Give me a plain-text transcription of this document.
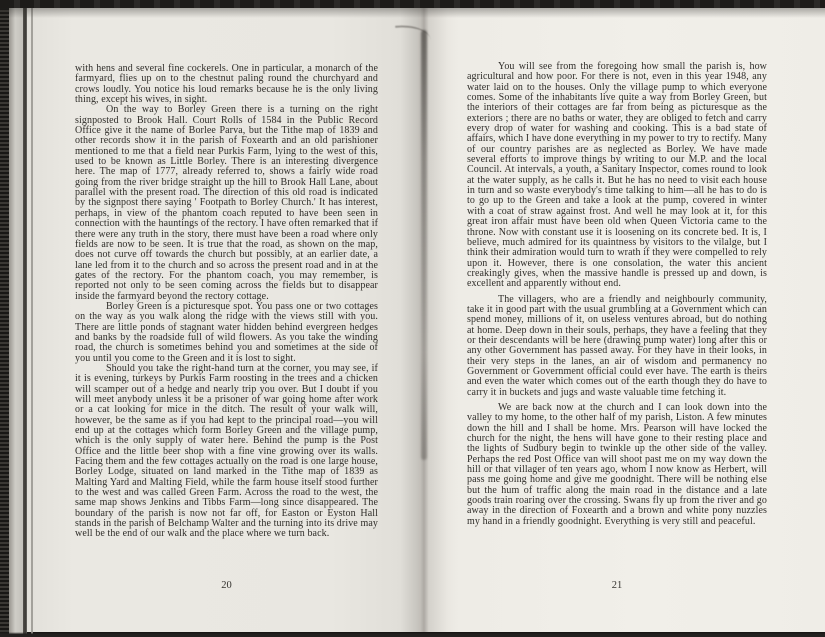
with hens and several fine cockerels. One in particular, a monarch of the farmyard, flies up on to the chestnut paling round the churchyard and crows loudly. You notice his loud remarks because he is the only living thing, except his wives, in sight.

On the way to Borley Green there is a turning on the right signposted to Brook Hall. Court Rolls of 1584 in the Public Record Office give it the name of Borlee Parva, but the Tithe map of 1839 and other records show it in the parish of Foxearth and an old parishioner mentioned to me that a field near Purkis Farm, lying to the west of this, used to be known as Little Borley. There is an interesting divergence here. The map of 1777, already referred to, shows a fairly wide road going from the river bridge straight up the hill to Brook Hall Lane, about parallel with the present road. The direction of this old road is indicated by the signpost there saying ' Footpath to Borley Church.' It has interest, perhaps, in view of the phantom coach reputed to have been seen in connection with the hauntings of the rectory. I have often remarked that if there were any truth in the story, there must have been a road where only fields are now to be seen. It is true that the road, as shown on the map, does not curve off towards the church but possibly, at an earlier date, a lane led from it to the church and so across the present road and in at the gates of the rectory. For the phantom coach, you may remember, is reported not only to be seen coming across the fields but to disappear inside the farmyard beyond the rectory cottage.

Borley Green is a picturesque spot. You pass one or two cottages on the way as you walk along the ridge with the views still with you. There are little ponds of stagnant water hidden behind evergreen hedges and banks by the roadside full of wild flowers. As you take the winding road, the church is sometimes behind you and sometimes at the side of you until you come to the Green and it is lost to sight.

Should you take the right-hand turn at the corner, you may see, if it is evening, turkeys by Purkis Farm roosting in the trees and a chicken will scamper out of a hedge and nearly trip you over. But I doubt if you will meet anybody unless it be a prisoner of war going home after work or a cat looking for mice in the ditch. The result of your walk will, however, be the same as if you had kept to the principal road—you will end up at the cottages which form Borley Green and the village pump, which is the only supply of water here. Behind the pump is the Post Office and the little beer shop with a fine vine growing over its walls. Facing them and the few cottages actually on the road is one large house, Borley Lodge, situated on land marked in the Tithe map of 1839 as Malting Yard and Malting Field, while the farm house itself stood further to the west and was called Green Farm. Across the road to the west, the same map shows Jenkins and Tibbs Farm—long since disappeared. The boundary of the parish is now not far off, for Easton or Eyston Hall stands in the parish of Belchamp Walter and the turning into its drive may well be the end of our walk and the place where we turn back.

20

You will see from the foregoing how small the parish is, how agricultural and how poor. For there is not, even in this year 1948, any water laid on to the houses. Only the village pump to which everyone comes. Some of the inhabitants live quite a way from Borley Green, but the interiors of their cottages are far from being as picturesque as the exteriors ; there are no baths or water, they are obliged to fetch and carry every drop of water for washing and cooking. This is a bad state of affairs, which I have done everything in my power to try to rectify. Many of our country parishes are as neglected as Borley. We have made several efforts to improve things by writing to our M.P. and the local Council. At intervals, a youth, a Sanitary Inspector, comes round to look at the water supply, as he calls it. But he has no need to visit each house in turn and so waste everybody's time talking to him—all he has to do is to go up to the Green and take a look at the pump, covered in winter with a coat of straw against frost. And well he may look at it, for this great iron affair must have been old when Queen Victoria came to the throne. Now with constant use it is loosening on its concrete bed. It is, I believe, much admired for its quaintness by visitors to the vilalge, but I think their admiration would turn to wrath if they were compelled to rely upon it. However, there is one consolation, the water this ancient creakingly gives, when the massive handle is pressed up and down, is excellent and apparently without end.

The villagers, who are a friendly and neighbourly community, take it in good part with the usual grumbling at a Government which can spend money, millions of it, on useless ventures abroad, but do nothing at home. Deep down in their souls, perhaps, they have a feeling that they or their descendants will be here (drawing pump water) long after this or any other Government has passed away. For they have in their looks, in their very steps in the lanes, an air of wisdom and permanency no Government or Government official could ever have. The earth is theirs and even the water which comes out of the earth though they do have to carry it in buckets and jugs and waste valuable time fetching it.

We are back now at the church and I can look down into the valley to my home, to the other half of my parish, Liston. A few minutes down the hill and I shall be home. Mrs. Pearson will have locked the church for the night, the hens will have gone to their resting place and the lights of Sudbury begin to twinkle up the other side of the valley. Perhaps the red Post Office van will shoot past me on my way down the hill or that villager of ten years ago, whom I now know as Herbert, will pass me going home and give me goodnight. There will be nothing else but the hum of traffic along the main road in the distance and a late goods train roaring over the crossing. Swans fly up from the river and go away in the direction of Foxearth and a brown and white pony nuzzles my hand in a friendly goodnight. Everything is very still and peaceful.

21
